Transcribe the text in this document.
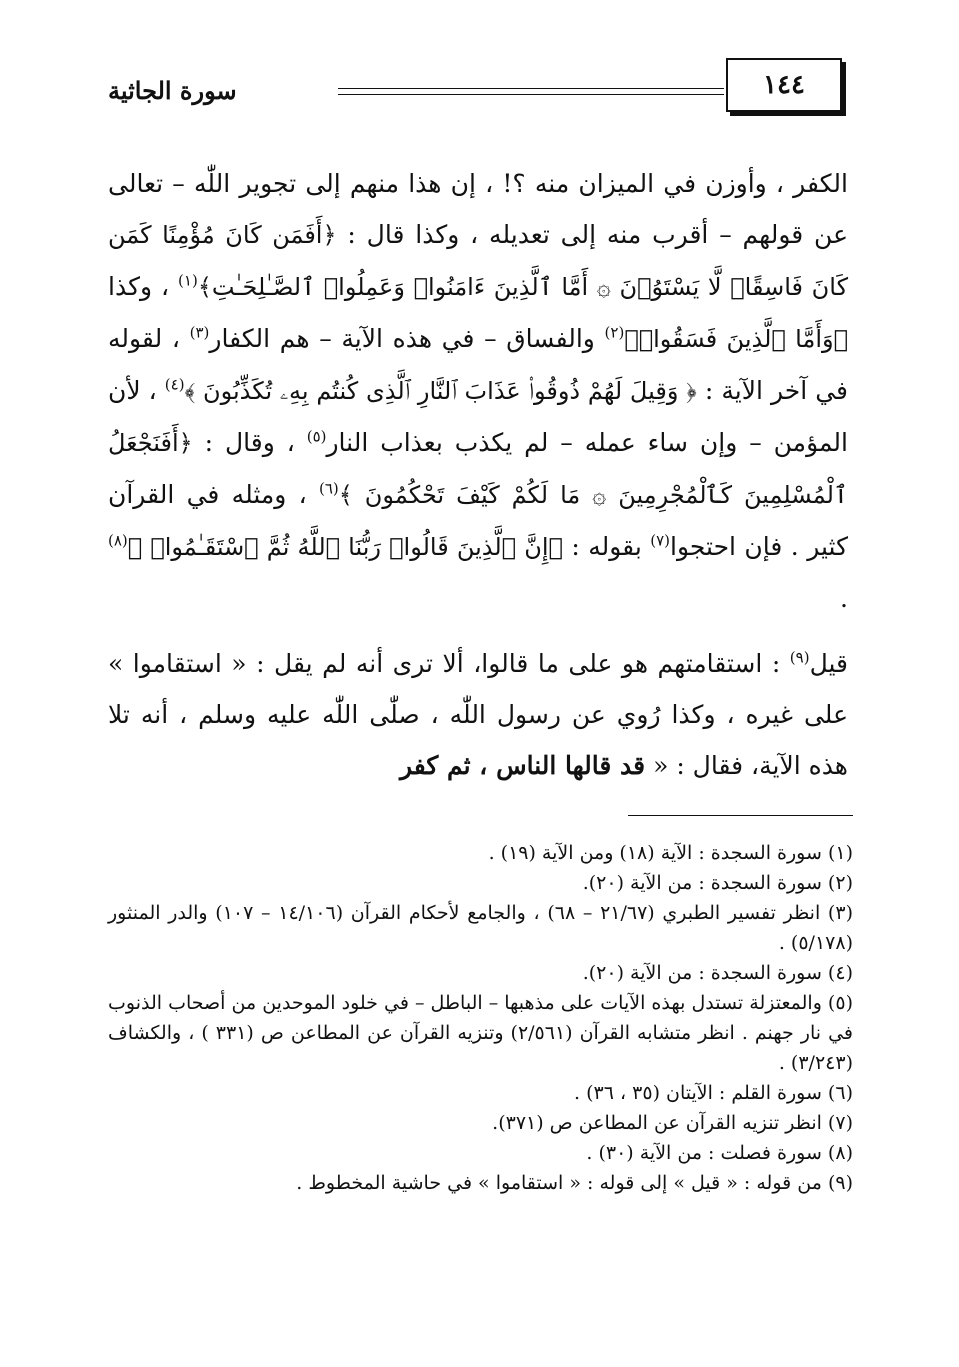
١٤٤
سورة الجاثية

الكفر ، وأوزن في الميزان منه ؟! ، إن هذا منهم إلى تجوير اللّٰه – تعالى عن قولهم – أقرب منه إلى تعديله ، وكذا قال : ﴿أَفَمَن كَانَ مُؤْمِنًا كَمَن كَانَ فَاسِقًاۚ لَّا يَسْتَوُۥنَ ۞ أَمَّا ٱلَّذِينَ ءَامَنُوا۟ وَعَمِلُوا۟ ٱلصَّـٰلِحَـٰتِ﴾$^{(١)}$ ، وكذا ﴿وَأَمَّا ٱلَّذِينَ فَسَقُوا۟﴾$^{(٢)}$ والفساق – في هذه الآية – هم الكفار$^{(٣)}$ ، لقوله في آخر الآية : ﴿ وَقِيلَ لَهُمْ ذُوقُوا۟ عَذَابَ ٱلنَّارِ ٱلَّذِى كُنتُم بِهِۦ تُكَذِّبُونَ ﴾$^{(٤)}$ ، لأن المؤمن – وإن ساء عمله – لم يكذب بعذاب النار$^{(٥)}$ ، وقال : ﴿أَفَنَجْعَلُ ٱلْمُسْلِمِينَ كَٱلْمُجْرِمِينَ ۞ مَا لَكُمْ كَيْفَ تَحْكُمُونَ ﴾$^{(٦)}$ ، ومثله في القرآن كثير . فإن احتجوا$^{(٧)}$ بقوله : ﴿إِنَّ ٱلَّذِينَ قَالُوا۟ رَبُّنَا ٱللَّهُ ثُمَّ ٱسْتَقَـٰمُوا۟ ﴾$^{(٨)}$ .

قيل$^{(٩)}$ : استقامتهم هو على ما قالوا، ألا ترى أنه لم يقل : « استقاموا » على غيره ، وكذا رُوي عن رسول اللّٰه ، صلّٰى اللّٰه عليه وسلم ، أنه تلا هذه الآية، فقال : « قد قالها الناس ، ثم كفر

(١) سورة السجدة : الآية (١٨) ومن الآية (١٩) .

(٢) سورة السجدة : من الآية (٢٠).

(٣) انظر تفسير الطبري (٢١/٦٧ – ٦٨) ، والجامع لأحكام القرآن (١٤/١٠٦ – ١٠٧) والدر المنثور (٥/١٧٨) .

(٤) سورة السجدة : من الآية (٢٠).

(٥) والمعتزلة تستدل بهذه الآيات على مذهبها – الباطل – في خلود الموحدين من أصحاب الذنوب في نار جهنم . انظر متشابه القرآن (٢/٥٦١) وتنزيه القرآن عن المطاعن ص (٣٣١ ) ، والكشاف (٣/٢٤٣) .

(٦) سورة القلم : الآيتان (٣٥ ، ٣٦) .

(٧) انظر تنزيه القرآن عن المطاعن ص (٣٧١).

(٨) سورة فصلت : من الآية (٣٠) .

(٩) من قوله : « قيل » إلى قوله : « استقاموا » في حاشية المخطوط .
